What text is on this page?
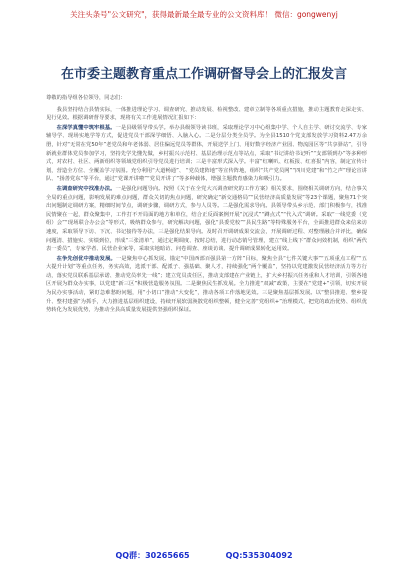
关注头条号"公文研究"，获得最新最全最专业的公文资料库！ 微信：gongwenyj
在市委主题教育重点工作调研督导会上的汇报发言

尊敬的指导组各位领导，同志们：

我县坚持结合县情实际，一体推进理论学习、调查研究、推动发展、检视整改、建章立制等各项重点措施，推动主题教育走深走实、见行见效。根据调研督导要求，现将有关工作进展情况汇报如下：

在深学真懂中筑牢根基。一是县级领导带头学。举办县级领导读书班，采取理论学习中心组集中学、个人自主学、研讨交流学、专家辅导学、现场实地学等方式，促进党员干部深学细悟、入脑入心。二是分层分类全员学。为全县1510个党支部发放学习资料2.47万余册，针对“无常在党50年”老党员和年老体弱、居住偏远党员等群体，开展送学上门、用好数字经济产业园、物流园区等“共享驿站”，引导新就业群体党员参加学习，坚持先学先懂先做，乡村振兴示范村、基层治理示范点等站点，采取“书记讲给书记听”“支部领到办”等多种形式，对农村、社区、两新组织等领域党组织引导党员进行培训；三是丰富形式深入学。丰富“红喇叭、红板报、红喜报”内容，制定宣传计划，营造全方位、全覆盖学习氛围。充分利用“大道畅通”、 “党员建阵地”等宣传阵地，组织“共产党员网”“四川党建”和“竹之声”理论宣讲队、“扬善党东”等平台，通过“党课开讲啦”“党员开讲了”等多种载体，增强主题教育感染力和吸引力。

在调查研究中找准办法。一是强化问题导向。按照《关于在全党大兴调查研究的工作方案》相关要求，围绕相关调研方向，结合事关全局的重点问题，影响发展的难点问题，群众关切的焦点问题，研究确定“新交通格局”“民营经济高质量发展”等23个课题，聚焦71个突出问题制定调研方案，精细时间节点，调研步骤，调研方式，参与人员等。二是强化需求导向。县领导带头乡示范、部门积极参与，找准民情聚在一起，群众聚集中，工作打不开局面的地方和单位，结合正反面案例开展“沉浸式”“蹲点式”“代入式”调研。采取“一线党委（党组）会”“现场联合办公会”等形式，吸纳群众参与，研究解决问题，强化“县委党校”“县民生路”等特殊服务平台，全面推进群众来信来访速度，采取领导下访、下沉、书记接待等办法，三是强化结果导向。及时召开调研成果交流会，开展调研过程、对整理融合并评比，确保问题清、措施实、实绩到位，形成“三张清单”，通过定期调度、按时总结，进行动态销号管理，建立“线上线下”群众问效机制，组织“两代表一委员”，专家学者、民营企业家等，采取实地暗访、问卷调查、座谈访谈、提升调研成果转化运用效。

在争先创优中推动发展。一是聚焦中心抓发展。锚定“中国西部百强县第一方阵”目标，聚焦全县“七件关键大事”“五项重点工程”“五大提升计划”等重点任务，务实高效，选派干部、配派子、强基础、聚人才，持续强化“两个覆盖”，坚持以党建激发民营经济活力等方行动，落实党员联系基层承诺、推动党员率先一线”；建立党员责任区，推动支部建在产业链上，扩大乡村振兴任务重和人才培训，引领各地区开展为群众办实事，以党建“新三区”积极营造服务氛围。二是聚焦民生抓发展。全力推进“双减”政策，主要在“党建+”引领，切实开展为民办实事活动，紧盯急难愁盼问题，用“小切口”推动“大变化”，推动各项工作落地见效。三是聚焦基层抓发展。以“整县推进、整乡提升、整村建强”为抓手，大力推进基层组织建设，持续开展软弱涣散党组织整顿，健全完善“党组织+”治理模式，把党的政治优势、组织优势转化为发展优势，为推动全县高质量发展提供坚强组织保证。

QQ群：30265665	QQ:535304092
